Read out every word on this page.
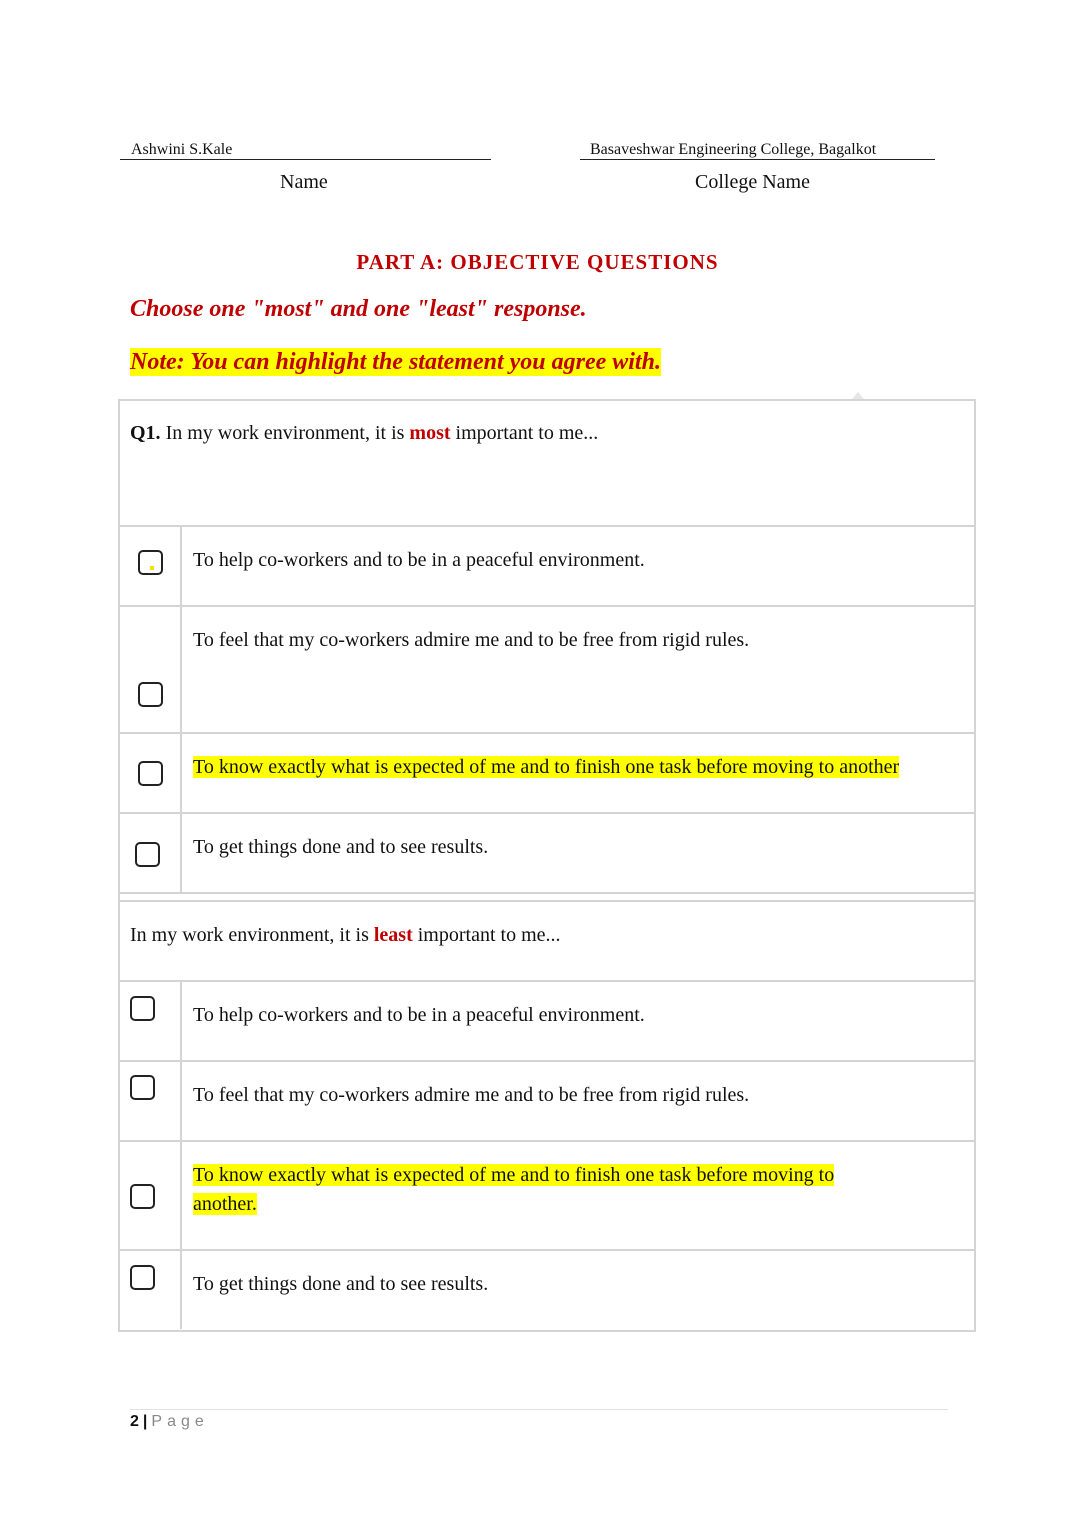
Ashwini S.Kale
Name
Basaveshwar Engineering College, Bagalkot
College Name
PART A: OBJECTIVE QUESTIONS
Choose one "most" and one "least" response.
Note: You can highlight the statement you agree with.
Q1. In my work environment, it is most important to me...
To help co-workers and to be in a peaceful environment.
To feel that my co-workers admire me and to be free from rigid rules.
To know exactly what is expected of me and to finish one task before moving to another
To get things done and to see results.
In my work environment, it is least important to me...
To help co-workers and to be in a peaceful environment.
To feel that my co-workers admire me and to be free from rigid rules.
To know exactly what is expected of me and to finish one task before moving to
another.
To get things done and to see results.
2 | Page
